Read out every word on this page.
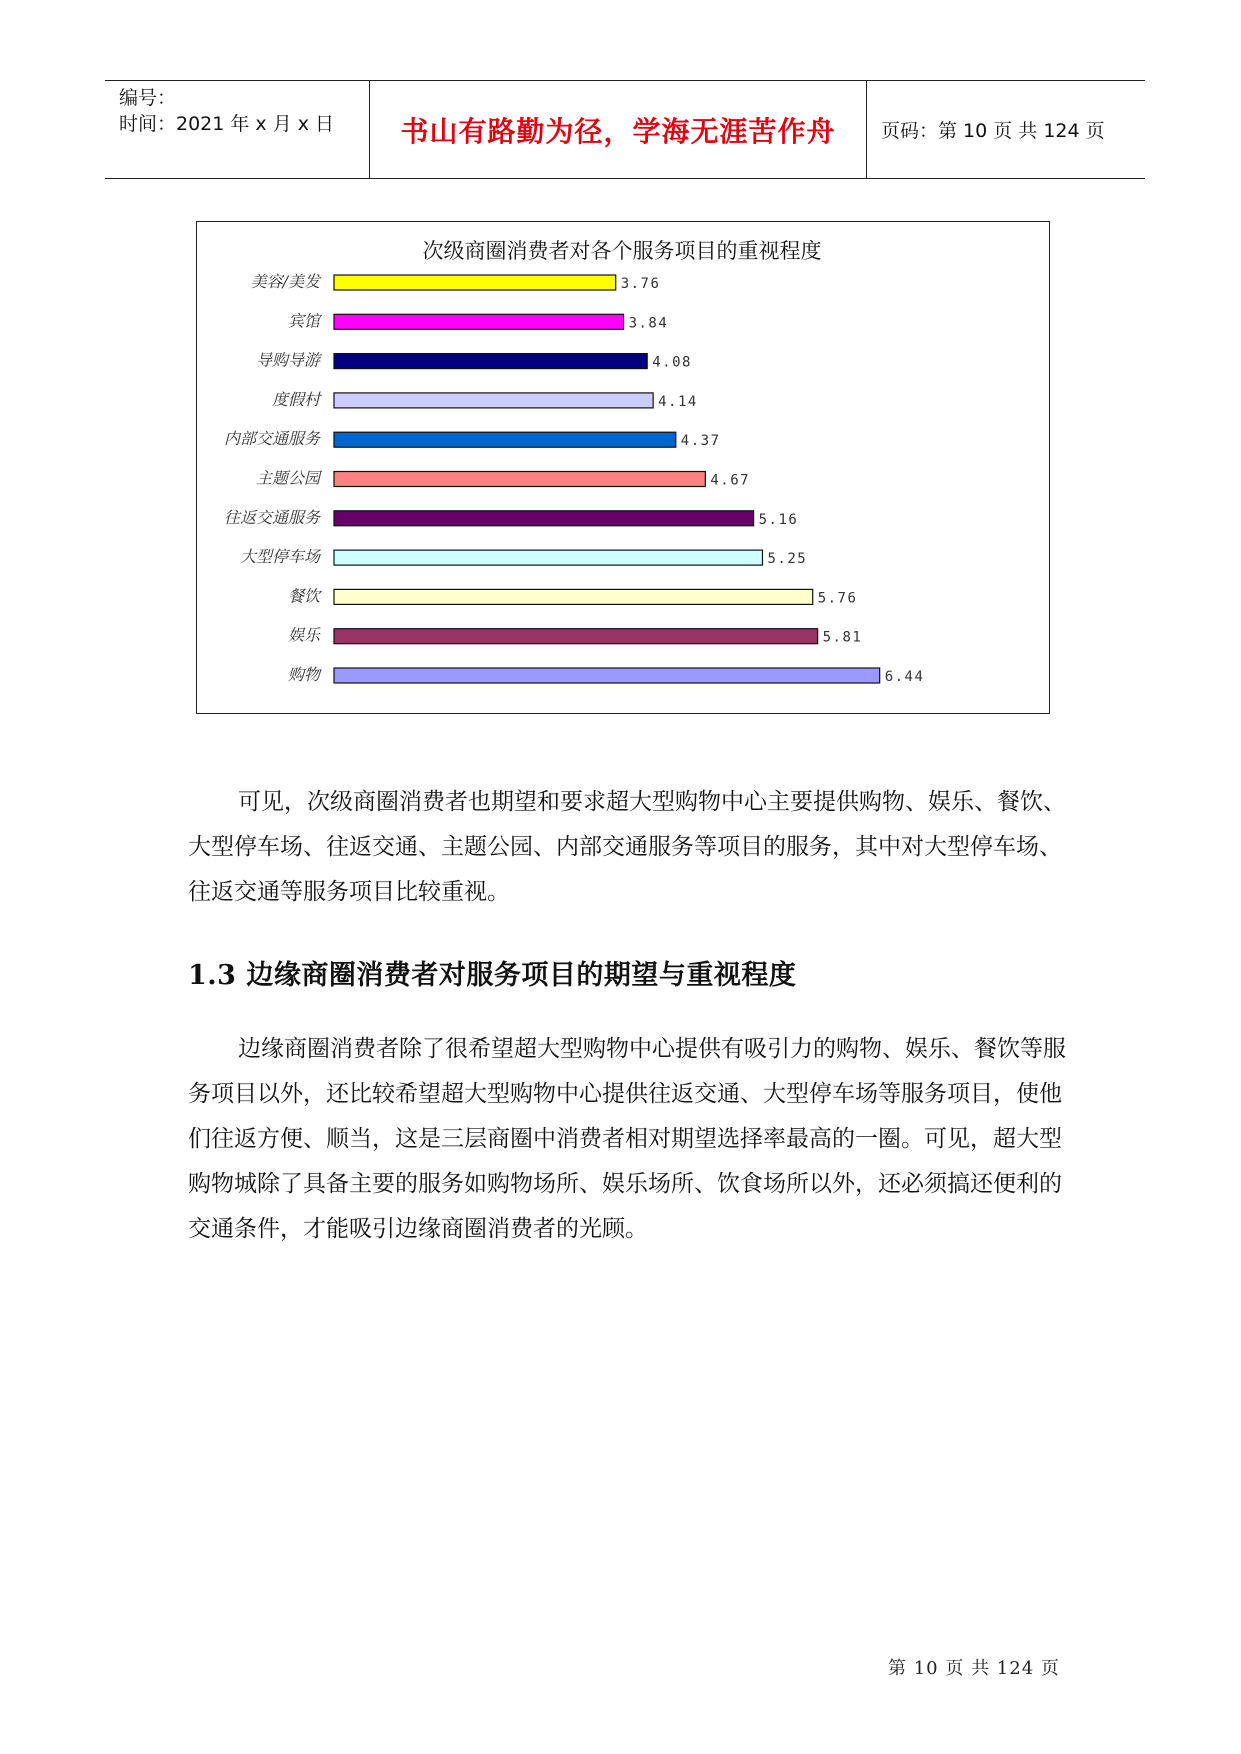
编号：
时间：2021 年 x 月 x 日	书山有路勤为径，学海无涯苦作舟 页码：第 10 页 共 124 页
次级商圈消费者对各个服务项目的重视程度
美容/美发	3.76
宾馆	3.84
导购导游	4.08
度假村	4.14
内部交通服务	4.37
主题公园	4.67
往返交通服务	5.16
大型停车场	5.25
餐饮	5.76
娱乐	5.81
购物	6.44

可见，次级商圈消费者也期望和要求超大型购物中心主要提供购物、娱乐、餐饮、大型停车场、往返交通、主题公园、内部交通服务等项目的服务，其中对大型停车场、往返交通等服务项目比较重视。

1.3 边缘商圈消费者对服务项目的期望与重视程度

边缘商圈消费者除了很希望超大型购物中心提供有吸引力的购物、娱乐、餐饮等服务项目以外，还比较希望超大型购物中心提供往返交通、大型停车场等服务项目，使他们往返方便、顺当，这是三层商圈中消费者相对期望选择率最高的一圈。可见，超大型购物城除了具备主要的服务如购物场所、娱乐场所、饮食场所以外，还必须搞还便利的交通条件，才能吸引边缘商圈消费者的光顾。

第 10 页 共 124 页
